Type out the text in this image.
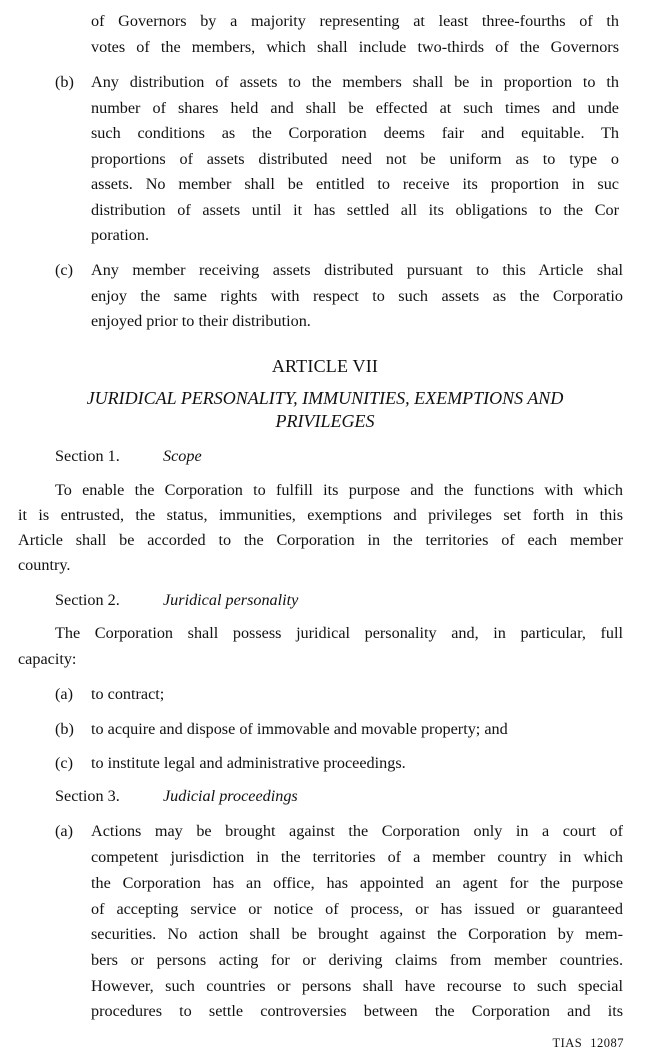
of Governors by a majority representing at least three-fourths of th

votes of the members, which shall include two-thirds of the Governors

(b) Any distribution of assets to the members shall be in proportion to th

number of shares held and shall be effected at such times and unde

such conditions as the Corporation deems fair and equitable. Th

proportions of assets distributed need not be uniform as to type o

assets. No member shall be entitled to receive its proportion in suc

distribution of assets until it has settled all its obligations to the Cor

poration.

(c) Any member receiving assets distributed pursuant to this Article shal

enjoy the same rights with respect to such assets as the Corporatio

enjoyed prior to their distribution.

ARTICLE VII

JURIDICAL PERSONALITY, IMMUNITIES, EXEMPTIONS AND

PRIVILEGES

Section 1.	Scope

To enable the Corporation to fulfill its purpose and the functions with which

it is entrusted, the status, immunities, exemptions and privileges set forth in this

Article shall be accorded to the Corporation in the territories of each member

country.

Section 2.	Juridical personality

The Corporation shall possess juridical personality and, in particular, full

capacity:

(a) to contract;

(b) to acquire and dispose of immovable and movable property; and

(c) to institute legal and administrative proceedings.

Section 3.	Judicial proceedings

(a) Actions may be brought against the Corporation only in a court of

competent jurisdiction in the territories of a member country in which

the Corporation has an office, has appointed an agent for the purpose

of accepting service or notice of process, or has issued or guaranteed

securities. No action shall be brought against the Corporation by mem-

bers or persons acting for or deriving claims from member countries.

However, such countries or persons shall have recourse to such special

procedures to settle controversies between the Corporation and its

TIAS 12087
